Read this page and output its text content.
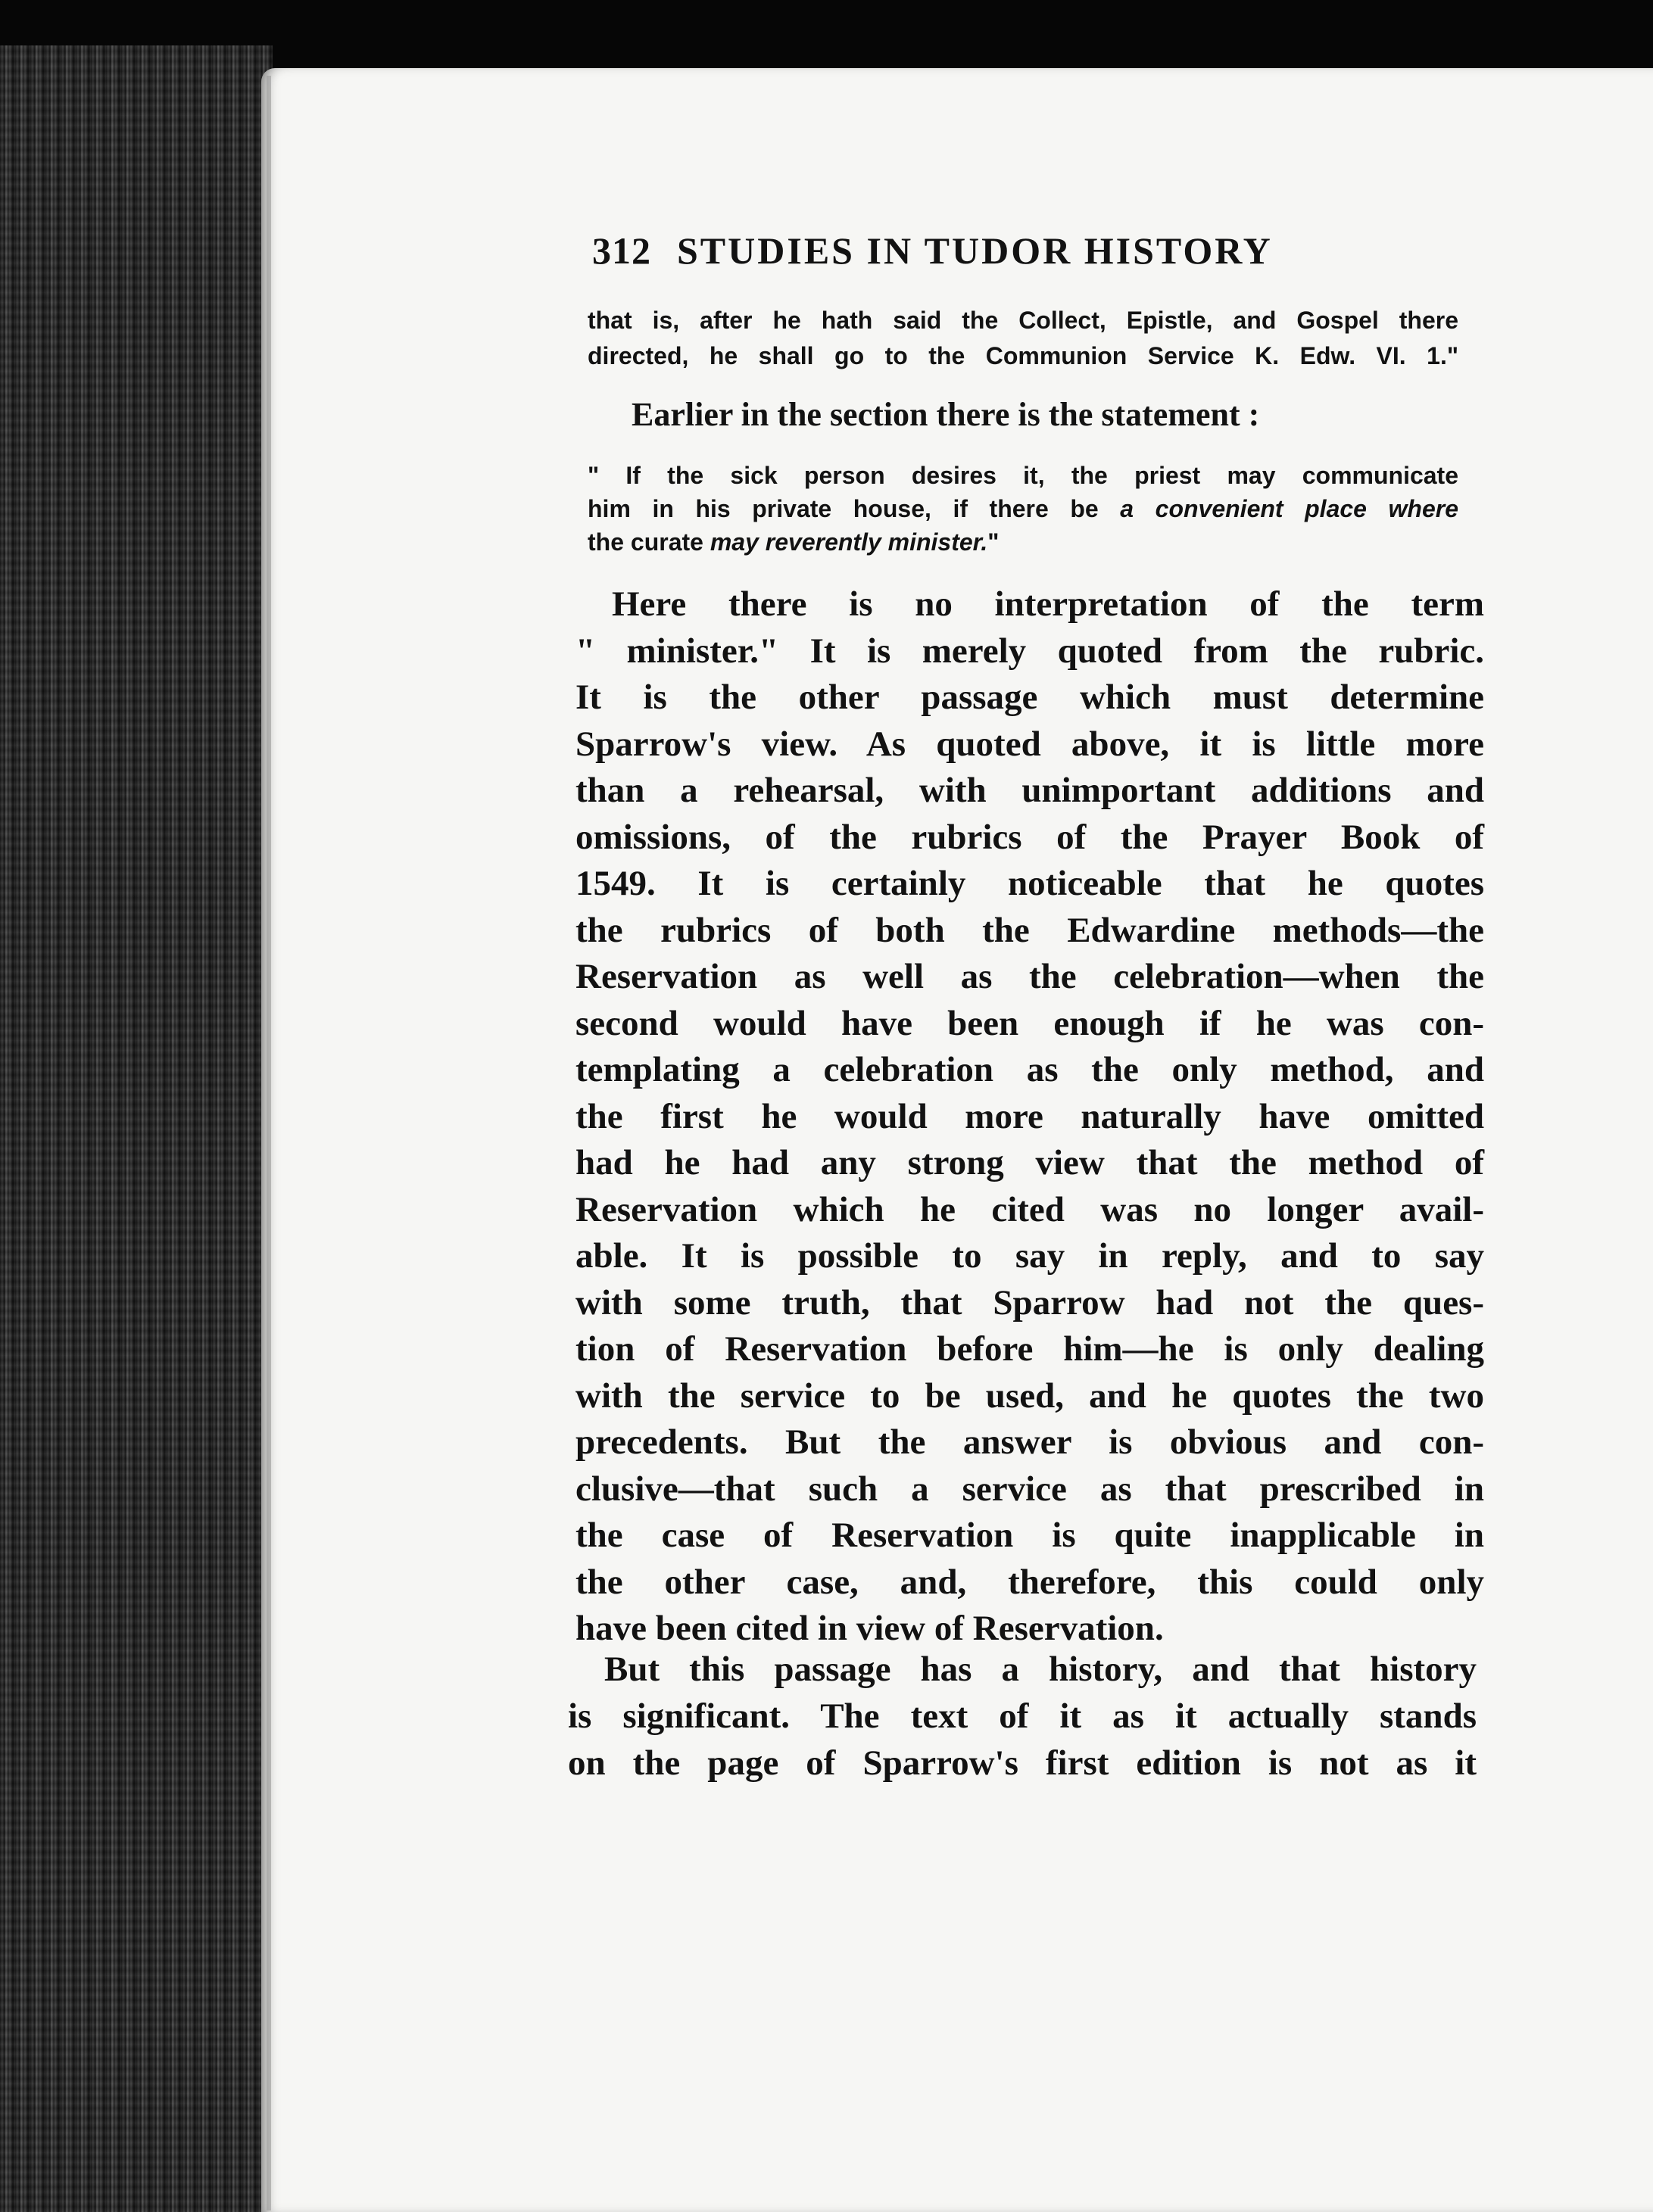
312 STUDIES IN TUDOR HISTORY
that is, after he hath said the Collect, Epistle, and Gospel there
directed, he shall go to the Communion Service K. Edw. VI. 1."
Earlier in the section there is the statement :
" If the sick person desires it, the priest may communicate
him in his private house, if there be a convenient place where
the curate may reverently minister."
Here there is no interpretation of the term
" minister." It is merely quoted from the rubric.
It is the other passage which must determine
Sparrow's view. As quoted above, it is little more
than a rehearsal, with unimportant additions and
omissions, of the rubrics of the Prayer Book of
1549. It is certainly noticeable that he quotes
the rubrics of both the Edwardine methods—the
Reservation as well as the celebration—when the
second would have been enough if he was con-
templating a celebration as the only method, and
the first he would more naturally have omitted
had he had any strong view that the method of
Reservation which he cited was no longer avail-
able. It is possible to say in reply, and to say
with some truth, that Sparrow had not the ques-
tion of Reservation before him—he is only dealing
with the service to be used, and he quotes the two
precedents. But the answer is obvious and con-
clusive—that such a service as that prescribed in
the case of Reservation is quite inapplicable in
the other case, and, therefore, this could only
have been cited in view of Reservation.
But this passage has a history, and that history
is significant. The text of it as it actually stands
on the page of Sparrow's first edition is not as it
